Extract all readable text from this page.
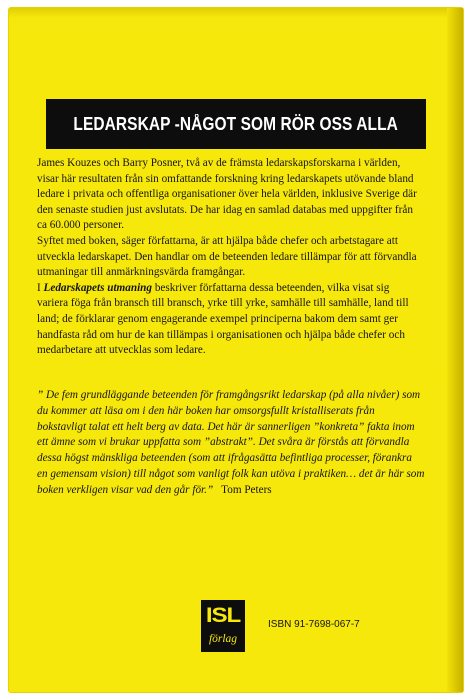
LEDARSKAP -NÅGOT SOM RÖR OSS ALLA

James Kouzes och Barry Posner, två av de främsta ledarskapsforskarna i världen, visar här resultaten från sin omfattande forskning kring ledarskapets utövande bland ledare i privata och offentliga organisationer över hela världen, inklusive Sverige där den senaste studien just avslutats. De har idag en samlad databas med uppgifter från ca 60.000 personer.

Syftet med boken, säger författarna, är att hjälpa både chefer och arbetstagare att utveckla ledarskapet. Den handlar om de beteenden ledare tillämpar för att förvandla utmaningar till anmärkningsvärda framgångar.

I Ledarskapets utmaning beskriver författarna dessa beteenden, vilka visat sig variera föga från bransch till bransch, yrke till yrke, samhälle till samhälle, land till land; de förklarar genom engagerande exempel principerna bakom dem samt ger handfasta råd om hur de kan tillämpas i organisationen och hjälpa både chefer och medarbetare att utvecklas som ledare.

” De fem grundläggande beteenden för framgångsrikt ledarskap (på alla nivåer) som du kommer att läsa om i den här boken har omsorgsfullt kristalliserats från bokstavligt talat ett helt berg av data. Det här är sannerligen ”konkreta” fakta inom ett ämne som vi brukar uppfatta som ”abstrakt”. Det svåra är förstås att förvandla dessa högst mänskliga beteenden (som att ifrågasätta befintliga processer, förankra en gemensam vision) till något som vanligt folk kan utöva i praktiken… det är här som boken verkligen visar vad den går för.” Tom Peters
ISL
förlag
ISBN 91-7698-067-7
